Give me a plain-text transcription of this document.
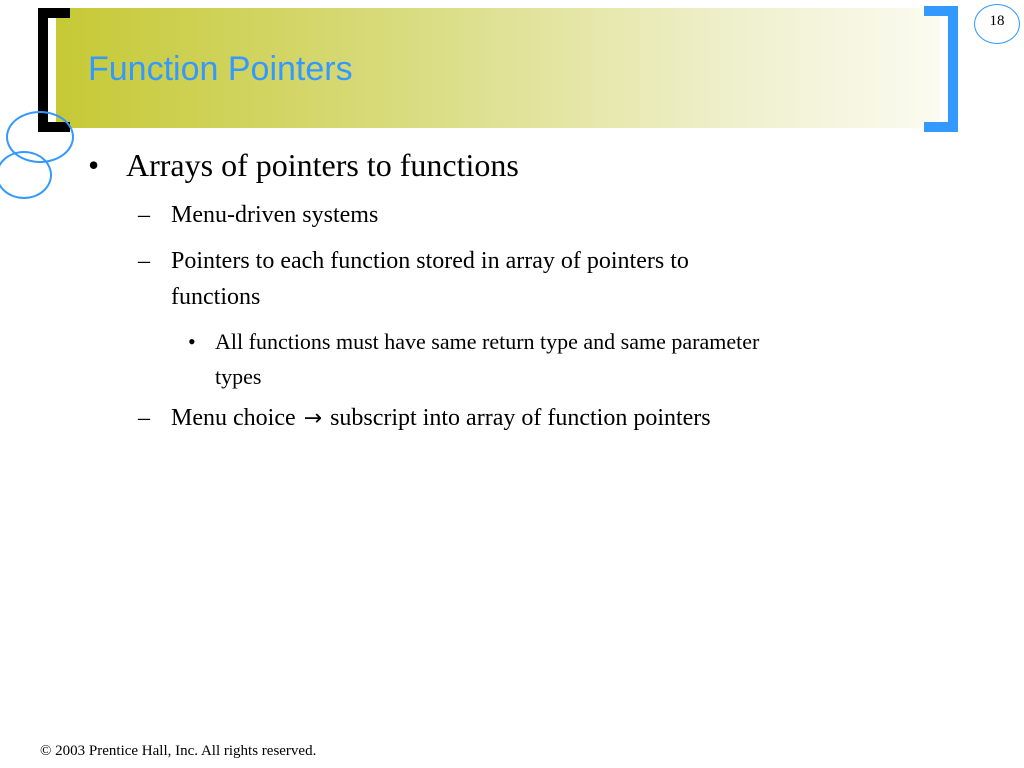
Function Pointers
18
• Arrays of pointers to functions
– Menu-driven systems
– Pointers to each function stored in array of pointers to
functions
• All functions must have same return type and same parameter
types
– Menu choice → subscript into array of function pointers
© 2003 Prentice Hall, Inc. All rights reserved.
